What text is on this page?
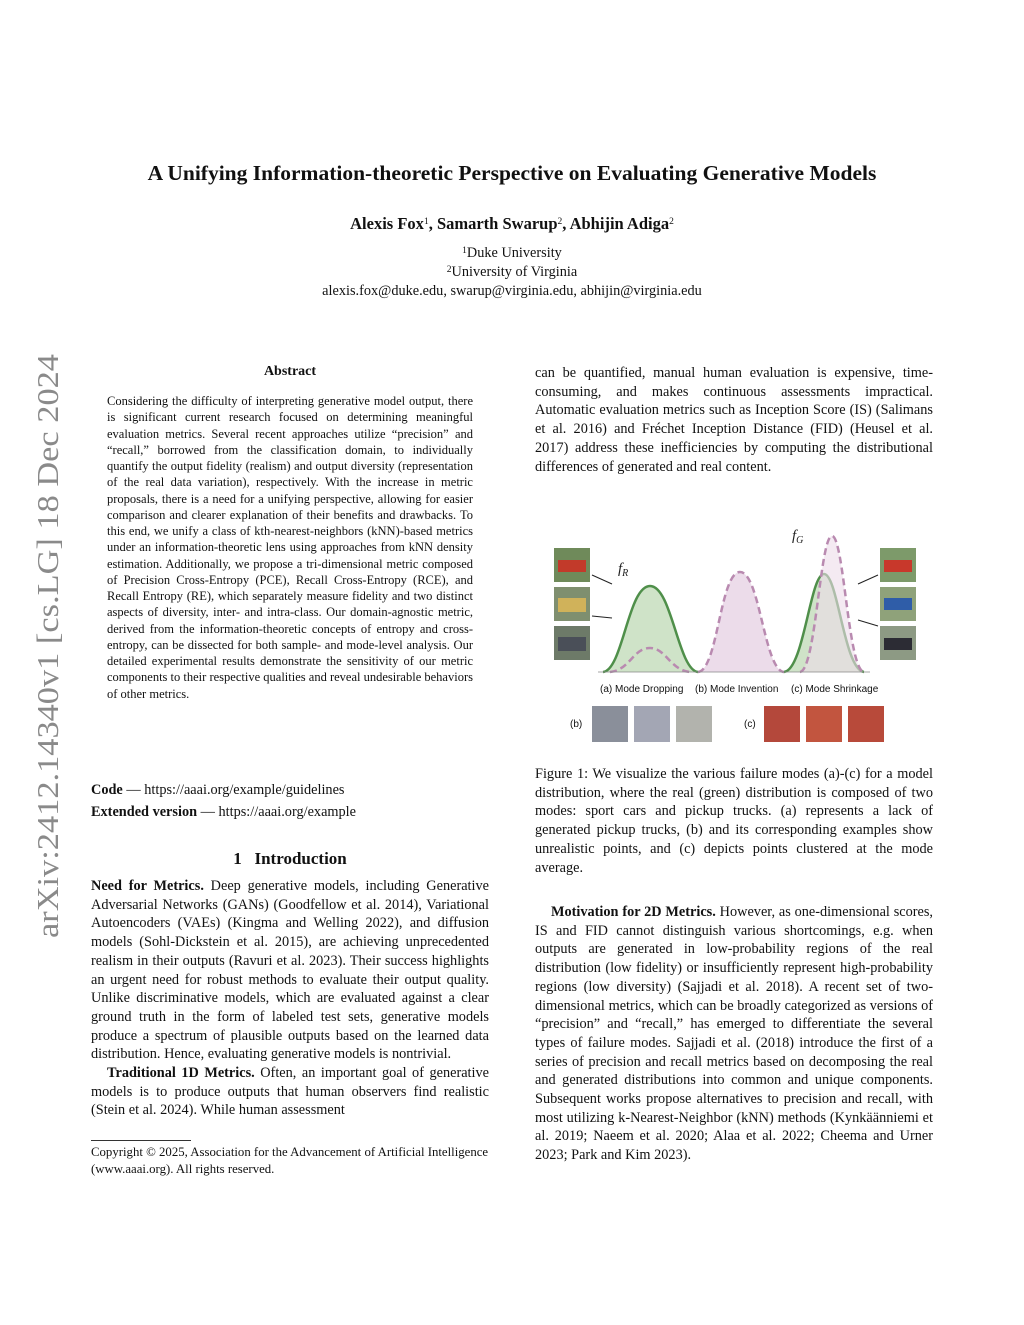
arXiv:2412.14340v1 [cs.LG] 18 Dec 2024
A Unifying Information-theoretic Perspective on Evaluating Generative Models
Alexis Fox$^1$, Samarth Swarup$^2$, Abhijin Adiga$^2$
$^1$Duke University
$^2$University of Virginia
alexis.fox@duke.edu, swarup@virginia.edu, abhijin@virginia.edu
Abstract
Considering the difficulty of interpreting generative model output, there is significant current research focused on determining meaningful evaluation metrics. Several recent approaches utilize “precision” and “recall,” borrowed from the classification domain, to individually quantify the output fidelity (realism) and output diversity (representation of the real data variation), respectively. With the increase in metric proposals, there is a need for a unifying perspective, allowing for easier comparison and clearer explanation of their benefits and drawbacks. To this end, we unify a class of kth-nearest-neighbors (kNN)-based metrics under an information-theoretic lens using approaches from kNN density estimation. Additionally, we propose a tri-dimensional metric composed of Precision Cross-Entropy (PCE), Recall Cross-Entropy (RCE), and Recall Entropy (RE), which separately measure fidelity and two distinct aspects of diversity, inter- and intra-class. Our domain-agnostic metric, derived from the information-theoretic concepts of entropy and cross-entropy, can be dissected for both sample- and mode-level analysis. Our detailed experimental results demonstrate the sensitivity of our metric components to their respective qualities and reveal undesirable behaviors of other metrics.
Code — https://aaai.org/example/guidelines
Extended version — https://aaai.org/example
1 Introduction

Need for Metrics. Deep generative models, including Generative Adversarial Networks (GANs) (Goodfellow et al. 2014), Variational Autoencoders (VAEs) (Kingma and Welling 2022), and diffusion models (Sohl-Dickstein et al. 2015), are achieving unprecedented realism in their outputs (Ravuri et al. 2023). Their success highlights an urgent need for robust methods to evaluate their output quality. Unlike discriminative models, which are evaluated against a clear ground truth in the form of labeled test sets, generative models produce a spectrum of plausible outputs based on the learned data distribution. Hence, evaluating generative models is nontrivial.

Traditional 1D Metrics. Often, an important goal of generative models is to produce outputs that human observers find realistic (Stein et al. 2024). While human assessment

Copyright © 2025, Association for the Advancement of Artificial Intelligence (www.aaai.org). All rights reserved.
can be quantified, manual human evaluation is expensive, time-consuming, and makes continuous assessments impractical. Automatic evaluation metrics such as Inception Score (IS) (Salimans et al. 2016) and Fréchet Inception Distance (FID) (Heusel et al. 2017) address these inefficiencies by computing the distributional differences of generated and real content.
$f_R$
$f_G$
(a) Mode Dropping (b) Mode Invention (c) Mode Shrinkage
(b)	(c)
Figure 1: We visualize the various failure modes (a)-(c) for a model distribution, where the real (green) distribution is composed of two modes: sport cars and pickup trucks. (a) represents a lack of generated pickup trucks, (b) and its corresponding examples show unrealistic points, and (c) depicts points clustered at the mode average.
Motivation for 2D Metrics. However, as one-dimensional scores, IS and FID cannot distinguish various shortcomings, e.g. when outputs are generated in low-probability regions of the real distribution (low fidelity) or insufficiently represent high-probability regions (low diversity) (Sajjadi et al. 2018). A recent set of two-dimensional metrics, which can be broadly categorized as versions of “precision” and “recall,” has emerged to differentiate the several types of failure modes. Sajjadi et al. (2018) introduce the first of a series of precision and recall metrics based on decomposing the real and generated distributions into common and unique components. Subsequent works propose alternatives to precision and recall, with most utilizing k-Nearest-Neighbor (kNN) methods (Kynkäänniemi et al. 2019; Naeem et al. 2020; Alaa et al. 2022; Cheema and Urner 2023; Park and Kim 2023).
